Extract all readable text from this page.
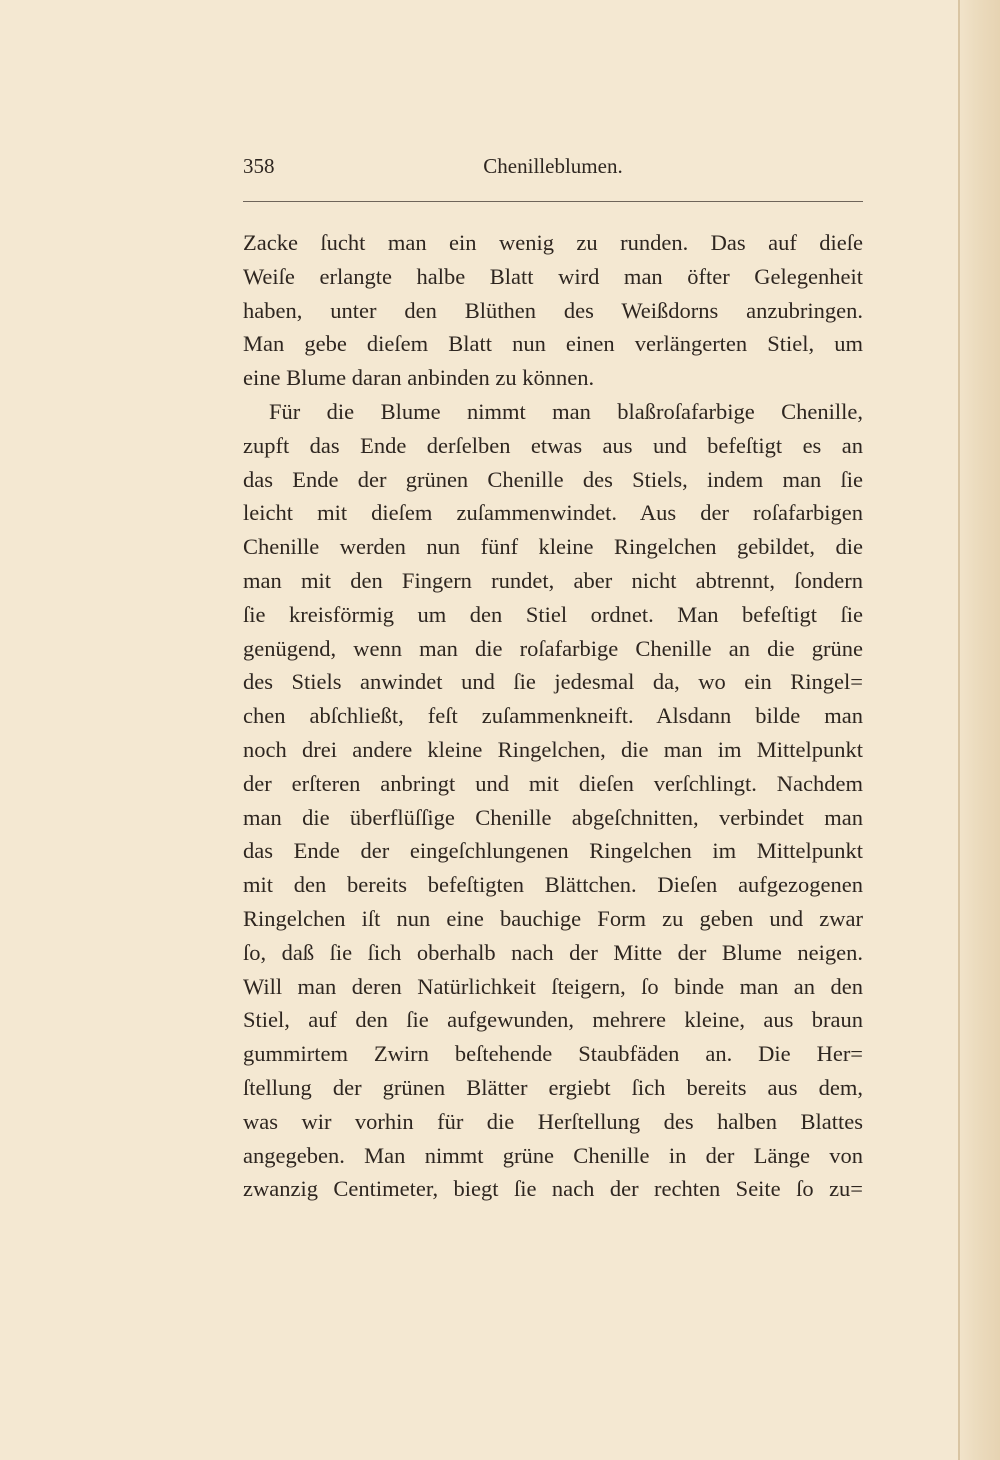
358	Chenilleblumen.
Zacke ſucht man ein wenig zu runden. Das auf dieſe
Weiſe erlangte halbe Blatt wird man öfter Gelegenheit
haben, unter den Blüthen des Weißdorns anzubringen.
Man gebe dieſem Blatt nun einen verlängerten Stiel, um
eine Blume daran anbinden zu können.
Für die Blume nimmt man blaßroſafarbige Chenille,
zupft das Ende derſelben etwas aus und befeſtigt es an
das Ende der grünen Chenille des Stiels, indem man ſie
leicht mit dieſem zuſammenwindet. Aus der roſafarbigen
Chenille werden nun fünf kleine Ringelchen gebildet, die
man mit den Fingern rundet, aber nicht abtrennt, ſondern
ſie kreisförmig um den Stiel ordnet. Man befeſtigt ſie
genügend, wenn man die roſafarbige Chenille an die grüne
des Stiels anwindet und ſie jedesmal da, wo ein Ringel=
chen abſchließt, feſt zuſammenkneift. Alsdann bilde man
noch drei andere kleine Ringelchen, die man im Mittelpunkt
der erſteren anbringt und mit dieſen verſchlingt. Nachdem
man die überflüſſige Chenille abgeſchnitten, verbindet man
das Ende der eingeſchlungenen Ringelchen im Mittelpunkt
mit den bereits befeſtigten Blättchen. Dieſen aufgezogenen
Ringelchen iſt nun eine bauchige Form zu geben und zwar
ſo, daß ſie ſich oberhalb nach der Mitte der Blume neigen.
Will man deren Natürlichkeit ſteigern, ſo binde man an den
Stiel, auf den ſie aufgewunden, mehrere kleine, aus braun
gummirtem Zwirn beſtehende Staubfäden an. Die Her=
ſtellung der grünen Blätter ergiebt ſich bereits aus dem,
was wir vorhin für die Herſtellung des halben Blattes
angegeben. Man nimmt grüne Chenille in der Länge von
zwanzig Centimeter, biegt ſie nach der rechten Seite ſo zu=
